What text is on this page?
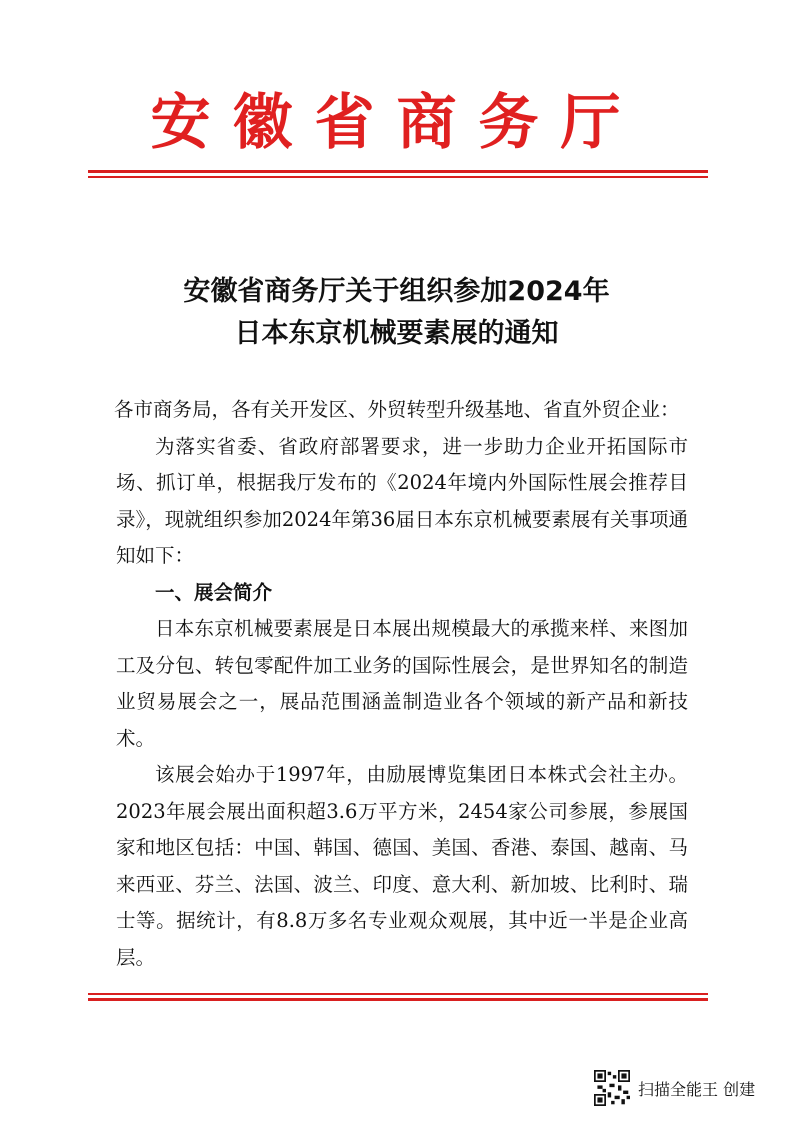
安徽省商务厅
安徽省商务厅关于组织参加2024年
日本东京机械要素展的通知

各市商务局，各有关开发区、外贸转型升级基地、省直外贸企业：

为落实省委、省政府部署要求，进一步助力企业开拓国际市场、抓订单，根据我厅发布的《2024年境内外国际性展会推荐目录》，现就组织参加2024年第36届日本东京机械要素展有关事项通知如下：

一、展会简介

日本东京机械要素展是日本展出规模最大的承揽来样、来图加工及分包、转包零配件加工业务的国际性展会，是世界知名的制造业贸易展会之一，展品范围涵盖制造业各个领域的新产品和新技术。

该展会始办于1997年，由励展博览集团日本株式会社主办。2023年展会展出面积超3.6万平方米，2454家公司参展，参展国家和地区包括：中国、韩国、德国、美国、香港、泰国、越南、马来西亚、芬兰、法国、波兰、印度、意大利、新加坡、比利时、瑞士等。据统计，有8.8万多名专业观众观展，其中近一半是企业高层。

扫描全能王 创建
